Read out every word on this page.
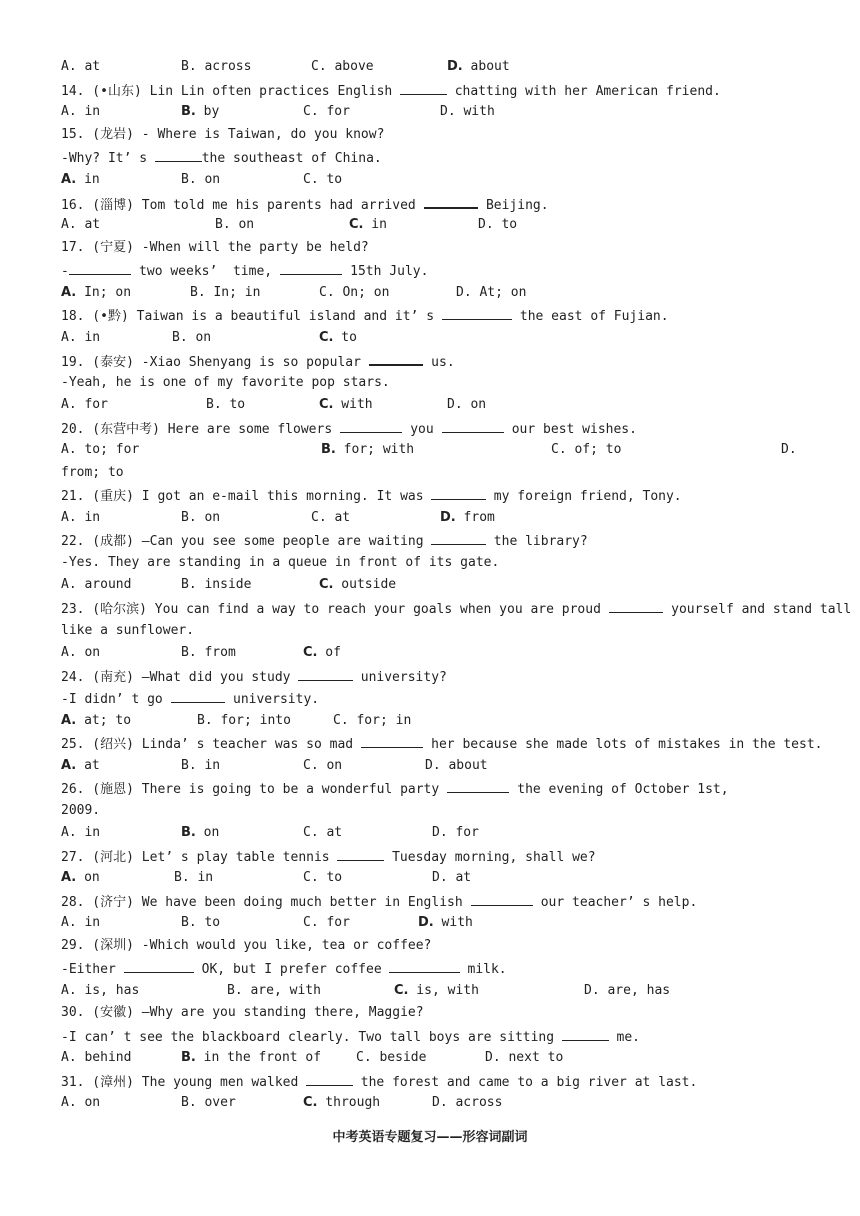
A. at	B. across	C. above	D. about
14. (•山东) Lin Lin often practices English	chatting with her American friend.
A. in	B. by	C. for	D. with
15. (龙岩) - Where is Taiwan, do you know?
-Why? It’ s	the southeast of China.
A. in	B. on	C. to
16. (淄博) Tom told me his parents had arrived	Beijing.
A. at	B. on	C. in	D. to
17. (宁夏) -When will the party be held?
-	two weeks’  time,	15th July.
A. In; on	B. In; in	C. On; on	D. At; on
18. (•黔) Taiwan is a beautiful island and it’ s	the east of Fujian.
A. in	B. on	C. to
19. (泰安) -Xiao Shenyang is so popular	us.
-Yeah, he is one of my favorite pop stars.
A. for	B. to	C. with	D. on
20. (东营中考) Here are some flowers	you	our best wishes.
A. to; for	B. for; with	C. of; to	D.
from; to
21. (重庆) I got an e-mail this morning. It was	my foreign friend, Tony.
A. in	B. on	C. at	D. from
22. (成都) –Can you see some people are waiting	the library?
-Yes. They are standing in a queue in front of its gate.
A. around	B. inside	C. outside
23. (哈尔滨) You can find a way to reach your goals when you are proud	yourself and stand tall
like a sunflower.
A. on	B. from	C. of
24. (南充) –What did you study	university?
-I didn’ t go	university.
A. at; to	B. for; into	C. for; in
25. (绍兴) Linda’ s teacher was so mad	her because she made lots of mistakes in the test.
A. at	B. in	C. on	D. about
26. (施恩) There is going to be a wonderful party	the evening of October 1st,
2009.
A. in	B. on	C. at	D. for
27. (河北) Let’ s play table tennis	Tuesday morning, shall we?
A. on	B. in	C. to	D. at
28. (济宁) We have been doing much better in English	our teacher’ s help.
A. in	B. to	C. for	D. with
29. (深圳) -Which would you like, tea or coffee?
-Either	OK, but I prefer coffee	milk.
A. is, has	B. are, with	C. is, with	D. are, has
30. (安徽) –Why are you standing there, Maggie?
-I can’ t see the blackboard clearly. Two tall boys are sitting	me.
A. behind	B. in the front of	C. beside	D. next to
31. (漳州) The young men walked	the forest and came to a big river at last.
A. on	B. over	C. through	D. across
中考英语专题复习——形容词副词
